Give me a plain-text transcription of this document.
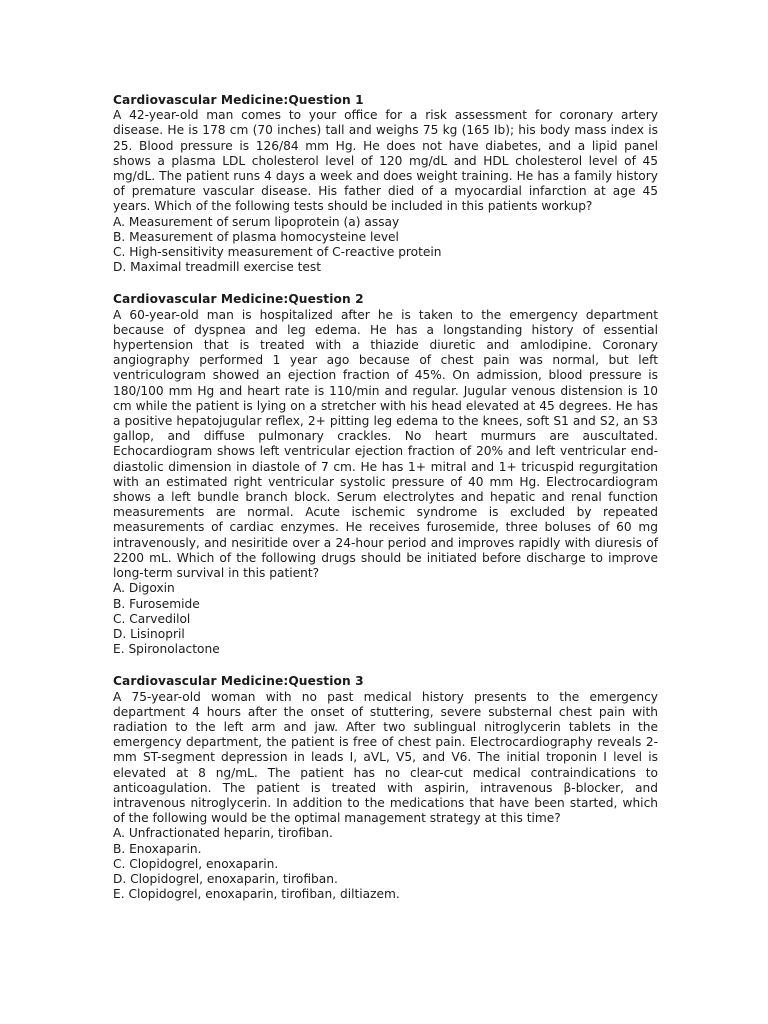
Cardiovascular Medicine:Question 1
A 42-year-old man comes to your office for a risk assessment for coronary artery disease. He is 178 cm (70 inches) tall and weighs 75 kg (165 Ib); his body mass index is 25. Blood pressure is 126/84 mm Hg. He does not have diabetes, and a lipid panel shows a plasma LDL cholesterol level of 120 mg/dL and HDL cholesterol level of 45 mg/dL. The patient runs 4 days a week and does weight training. He has a family history of premature vascular disease. His father died of a myocardial infarction at age 45 years. Which of the following tests should be included in this patients workup?
A. Measurement of serum lipoprotein (a) assay
B. Measurement of plasma homocysteine level
C. High-sensitivity measurement of C-reactive protein
D. Maximal treadmill exercise test
Cardiovascular Medicine:Question 2
A 60-year-old man is hospitalized after he is taken to the emergency department because of dyspnea and leg edema. He has a longstanding history of essential hypertension that is treated with a thiazide diuretic and amlodipine. Coronary angiography performed 1 year ago because of chest pain was normal, but left ventriculogram showed an ejection fraction of 45%. On admission, blood pressure is 180/100 mm Hg and heart rate is 110/min and regular. Jugular venous distension is 10 cm while the patient is lying on a stretcher with his head elevated at 45 degrees. He has a positive hepatojugular reflex, 2+ pitting leg edema to the knees, soft S1 and S2, an S3 gallop, and diffuse pulmonary crackles. No heart murmurs are auscultated. Echocardiogram shows left ventricular ejection fraction of 20% and left ventricular end-diastolic dimension in diastole of 7 cm. He has 1+ mitral and 1+ tricuspid regurgitation with an estimated right ventricular systolic pressure of 40 mm Hg. Electrocardiogram shows a left bundle branch block. Serum electrolytes and hepatic and renal function measurements are normal. Acute ischemic syndrome is excluded by repeated measurements of cardiac enzymes. He receives furosemide, three boluses of 60 mg intravenously, and nesiritide over a 24-hour period and improves rapidly with diuresis of 2200 mL. Which of the following drugs should be initiated before discharge to improve long-term survival in this patient?
A. Digoxin
B. Furosemide
C. Carvedilol
D. Lisinopril
E. Spironolactone
Cardiovascular Medicine:Question 3
A 75-year-old woman with no past medical history presents to the emergency department 4 hours after the onset of stuttering, severe substernal chest pain with radiation to the left arm and jaw. After two sublingual nitroglycerin tablets in the emergency department, the patient is free of chest pain. Electrocardiography reveals 2-mm ST-segment depression in leads I, aVL, V5, and V6. The initial troponin I level is elevated at 8 ng/mL. The patient has no clear-cut medical contraindications to anticoagulation. The patient is treated with aspirin, intravenous β-blocker, and intravenous nitroglycerin. In addition to the medications that have been started, which of the following would be the optimal management strategy at this time?
A. Unfractionated heparin, tirofiban.
B. Enoxaparin.
C. Clopidogrel, enoxaparin.
D. Clopidogrel, enoxaparin, tirofiban.
E. Clopidogrel, enoxaparin, tirofiban, diltiazem.
